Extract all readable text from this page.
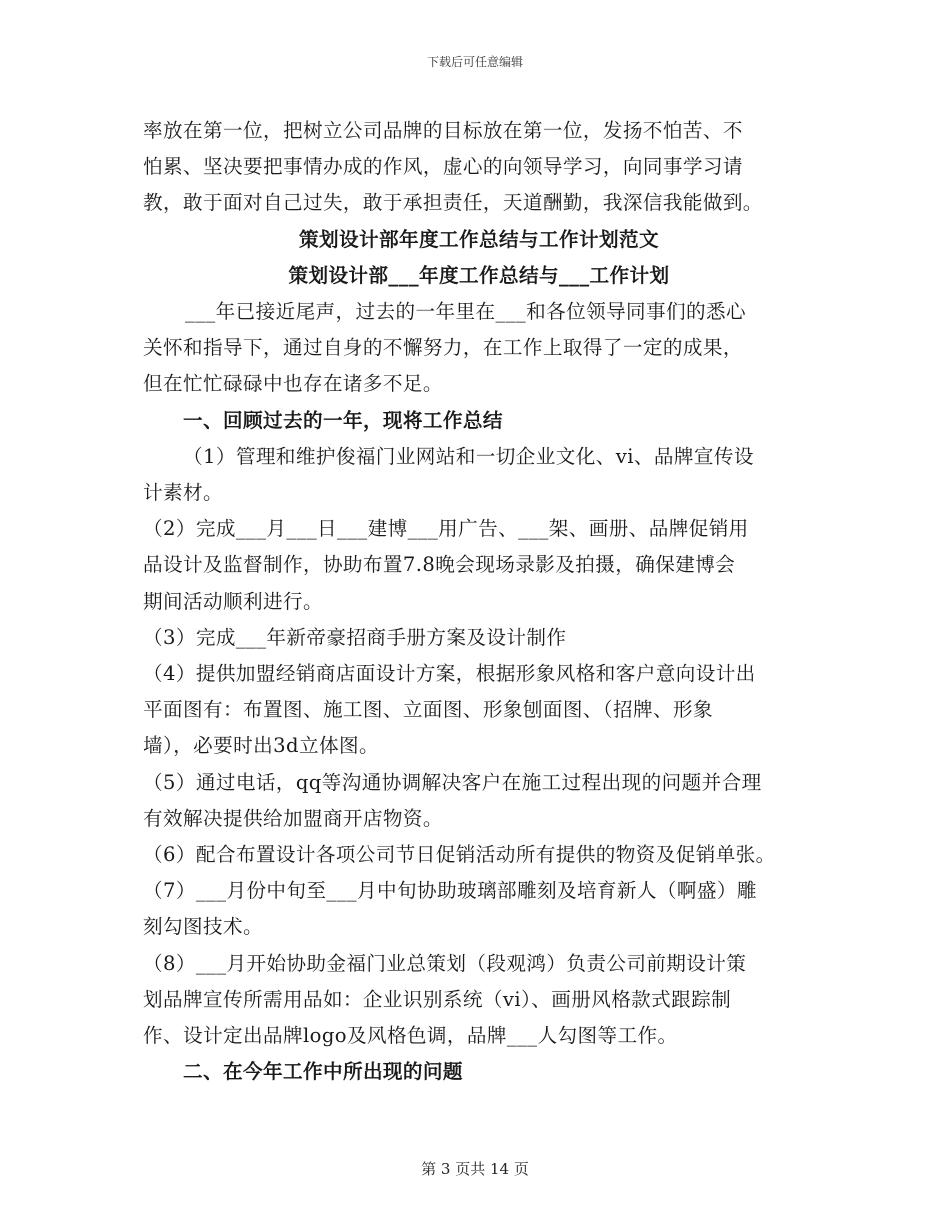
下载后可任意编辑
率放在第一位，把树立公司品牌的目标放在第一位，发扬不怕苦、不
怕累、坚决要把事情办成的作风，虚心的向领导学习，向同事学习请
教，敢于面对自己过失，敢于承担责任，天道酬勤，我深信我能做到。
策划设计部年度工作总结与工作计划范文
策划设计部___年度工作总结与___工作计划
___年已接近尾声，过去的一年里在___和各位领导同事们的悉心
关怀和指导下，通过自身的不懈努力，在工作上取得了一定的成果，
但在忙忙碌碌中也存在诸多不足。
一、回顾过去的一年，现将工作总结
（1）管理和维护俊福门业网站和一切企业文化、vi、品牌宣传设
计素材。
（2）完成___月___日___建博___用广告、___架、画册、品牌促销用
品设计及监督制作，协助布置7.8晚会现场录影及拍摄，确保建博会
期间活动顺利进行。
（3）完成___年新帝豪招商手册方案及设计制作
（4）提供加盟经销商店面设计方案，根据形象风格和客户意向设计出
平面图有：布置图、施工图、立面图、形象刨面图、（招牌、形象
墙），必要时出3d立体图。
（5）通过电话，qq等沟通协调解决客户在施工过程出现的问题并合理
有效解决提供给加盟商开店物资。
（6）配合布置设计各项公司节日促销活动所有提供的物资及促销单张。
（7）___月份中旬至___月中旬协助玻璃部雕刻及培育新人（啊盛）雕
刻勾图技术。
（8）___月开始协助金福门业总策划（段观鸿）负责公司前期设计策
划品牌宣传所需用品如：企业识别系统（vi）、画册风格款式跟踪制
作、设计定出品牌logo及风格色调，品牌___人勾图等工作。
二、在今年工作中所出现的问题
第 3 页共 14 页
